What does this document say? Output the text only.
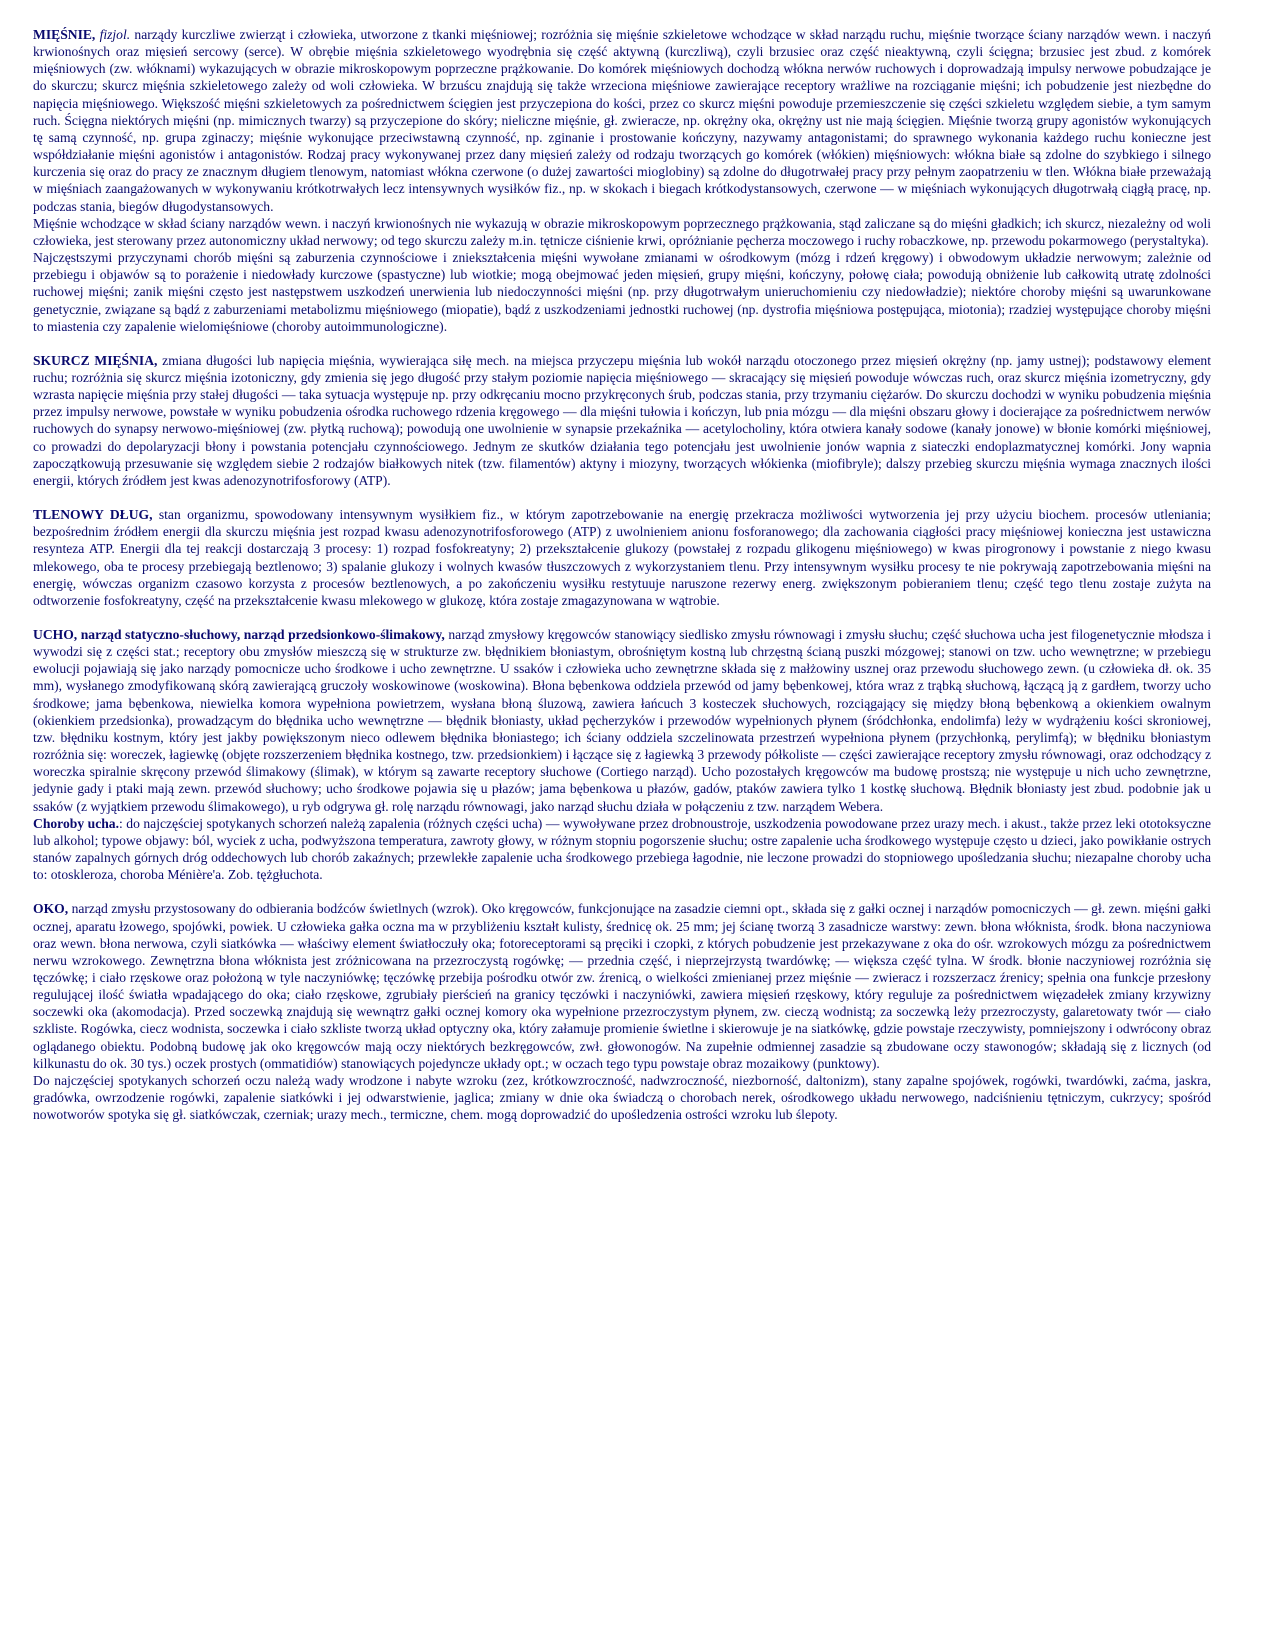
MIĘŚNIE, fizjol. narządy kurczliwe zwierząt i człowieka, utworzone z tkanki mięśniowej; rozróżnia się mięśnie szkieletowe wchodzące w skład narządu ruchu, mięśnie tworzące ściany narządów wewn. i naczyń krwionośnych oraz mięsień sercowy (serce). W obrębie mięśnia szkieletowego wyodrębnia się część aktywną (kurczliwą), czyli brzusiec oraz część nieaktywną, czyli ścięgna; brzusiec jest zbud. z komórek mięśniowych (zw. włóknami) wykazujących w obrazie mikroskopowym poprzeczne prążkowanie. Do komórek mięśniowych dochodzą włókna nerwów ruchowych i doprowadzają impulsy nerwowe pobudzające je do skurczu; skurcz mięśnia szkieletowego zależy od woli człowieka. W brzuścu znajdują się także wrzeciona mięśniowe zawierające receptory wrażliwe na rozciąganie mięśni; ich pobudzenie jest niezbędne do napięcia mięśniowego. Większość mięśni szkieletowych za pośrednictwem ścięgien jest przyczepiona do kości, przez co skurcz mięśni powoduje przemieszczenie się części szkieletu względem siebie, a tym samym ruch. Ścięgna niektórych mięśni (np. mimicznych twarzy) są przyczepione do skóry; nieliczne mięśnie, gł. zwieracze, np. okrężny oka, okrężny ust nie mają ścięgien. Mięśnie tworzą grupy agonistów wykonujących tę samą czynność, np. grupa zginaczy; mięśnie wykonujące przeciwstawną czynność, np. zginanie i prostowanie kończyny, nazywamy antagonistami; do sprawnego wykonania każdego ruchu konieczne jest współdziałanie mięśni agonistów i antagonistów. Rodzaj pracy wykonywanej przez dany mięsień zależy od rodzaju tworzących go komórek (włókien) mięśniowych: włókna białe są zdolne do szybkiego i silnego kurczenia się oraz do pracy ze znacznym długiem tlenowym, natomiast włókna czerwone (o dużej zawartości mioglobiny) są zdolne do długotrwałej pracy przy pełnym zaopatrzeniu w tlen. Włókna białe przeważają w mięśniach zaangażowanych w wykonywaniu krótkotrwałych lecz intensywnych wysiłków fiz., np. w skokach i biegach krótkodystansowych, czerwone — w mięśniach wykonujących długotrwałą ciągłą pracę, np. podczas stania, biegów długodystansowych.

Mięśnie wchodzące w skład ściany narządów wewn. i naczyń krwionośnych nie wykazują w obrazie mikroskopowym poprzecznego prążkowania, stąd zaliczane są do mięśni gładkich; ich skurcz, niezależny od woli człowieka, jest sterowany przez autonomiczny układ nerwowy; od tego skurczu zależy m.in. tętnicze ciśnienie krwi, opróżnianie pęcherza moczowego i ruchy robaczkowe, np. przewodu pokarmowego (perystaltyka).

Najczęstszymi przyczynami chorób mięśni są zaburzenia czynnościowe i zniekształcenia mięśni wywołane zmianami w ośrodkowym (mózg i rdzeń kręgowy) i obwodowym układzie nerwowym; zależnie od przebiegu i objawów są to porażenie i niedowłady kurczowe (spastyczne) lub wiotkie; mogą obejmować jeden mięsień, grupy mięśni, kończyny, połowę ciała; powodują obniżenie lub całkowitą utratę zdolności ruchowej mięśni; zanik mięśni często jest następstwem uszkodzeń unerwienia lub niedoczynności mięśni (np. przy długotrwałym unieruchomieniu czy niedowładzie); niektóre choroby mięśni są uwarunkowane genetycznie, związane są bądź z zaburzeniami metabolizmu mięśniowego (miopatie), bądź z uszkodzeniami jednostki ruchowej (np. dystrofia mięśniowa postępująca, miotonia); rzadziej występujące choroby mięśni to miastenia czy zapalenie wielomięśniowe (choroby autoimmunologiczne).

SKURCZ MIĘŚNIA, zmiana długości lub napięcia mięśnia, wywierająca siłę mech. na miejsca przyczepu mięśnia lub wokół narządu otoczonego przez mięsień okrężny (np. jamy ustnej); podstawowy element ruchu; rozróżnia się skurcz mięśnia izotoniczny, gdy zmienia się jego długość przy stałym poziomie napięcia mięśniowego — skracający się mięsień powoduje wówczas ruch, oraz skurcz mięśnia izometryczny, gdy wzrasta napięcie mięśnia przy stałej długości — taka sytuacja występuje np. przy odkręcaniu mocno przykręconych śrub, podczas stania, przy trzymaniu ciężarów. Do skurczu dochodzi w wyniku pobudzenia mięśnia przez impulsy nerwowe, powstałe w wyniku pobudzenia ośrodka ruchowego rdzenia kręgowego — dla mięśni tułowia i kończyn, lub pnia mózgu — dla mięśni obszaru głowy i docierające za pośrednictwem nerwów ruchowych do synapsy nerwowo-mięśniowej (zw. płytką ruchową); powodują one uwolnienie w synapsie przekaźnika — acetylocholiny, która otwiera kanały sodowe (kanały jonowe) w błonie komórki mięśniowej, co prowadzi do depolaryzacji błony i powstania potencjału czynnościowego. Jednym ze skutków działania tego potencjału jest uwolnienie jonów wapnia z siateczki endoplazmatycznej komórki. Jony wapnia zapoczątkowują przesuwanie się względem siebie 2 rodzajów białkowych nitek (tzw. filamentów) aktyny i miozyny, tworzących włókienka (miofibryle); dalszy przebieg skurczu mięśnia wymaga znacznych ilości energii, których źródłem jest kwas adenozynotrifosforowy (ATP).

TLENOWY DŁUG, stan organizmu, spowodowany intensywnym wysiłkiem fiz., w którym zapotrzebowanie na energię przekracza możliwości wytworzenia jej przy użyciu biochem. procesów utleniania; bezpośrednim źródłem energii dla skurczu mięśnia jest rozpad kwasu adenozynotrifosforowego (ATP) z uwolnieniem anionu fosforanowego; dla zachowania ciągłości pracy mięśniowej konieczna jest ustawiczna resynteza ATP. Energii dla tej reakcji dostarczają 3 procesy: 1) rozpad fosfokreatyny; 2) przekształcenie glukozy (powstałej z rozpadu glikogenu mięśniowego) w kwas pirogronowy i powstanie z niego kwasu mlekowego, oba te procesy przebiegają beztlenowo; 3) spalanie glukozy i wolnych kwasów tłuszczowych z wykorzystaniem tlenu. Przy intensywnym wysiłku procesy te nie pokrywają zapotrzebowania mięśni na energię, wówczas organizm czasowo korzysta z procesów beztlenowych, a po zakończeniu wysiłku restytuuje naruszone rezerwy energ. zwiększonym pobieraniem tlenu; część tego tlenu zostaje zużyta na odtworzenie fosfokreatyny, część na przekształcenie kwasu mlekowego w glukozę, która zostaje zmagazynowana w wątrobie.

UCHO, narząd statyczno-słuchowy, narząd przedsionkowo-ślimakowy, narząd zmysłowy kręgowców stanowiący siedlisko zmysłu równowagi i zmysłu słuchu; część słuchowa ucha jest filogenetycznie młodsza i wywodzi się z części stat.; receptory obu zmysłów mieszczą się w strukturze zw. błędnikiem błoniastym, obrośniętym kostną lub chrzęstną ścianą puszki mózgowej; stanowi on tzw. ucho wewnętrzne; w przebiegu ewolucji pojawiają się jako narządy pomocnicze ucho środkowe i ucho zewnętrzne. U ssaków i człowieka ucho zewnętrzne składa się z małżowiny usznej oraz przewodu słuchowego zewn. (u człowieka dł. ok. 35 mm), wysłanego zmodyfikowaną skórą zawierającą gruczoły woskowinowe (woskowina). Błona bębenkowa oddziela przewód od jamy bębenkowej, która wraz z trąbką słuchową, łączącą ją z gardłem, tworzy ucho środkowe; jama bębenkowa, niewielka komora wypełniona powietrzem, wysłana błoną śluzową, zawiera łańcuch 3 kosteczek słuchowych, rozciągający się między błoną bębenkową a okienkiem owalnym (okienkiem przedsionka), prowadzącym do błędnika ucho wewnętrzne — błędnik błoniasty, układ pęcherzyków i przewodów wypełnionych płynem (śródchłonka, endolimfa) leży w wydrążeniu kości skroniowej, tzw. błędniku kostnym, który jest jakby powiększonym nieco odlewem błędnika błoniastego; ich ściany oddziela szczelinowata przestrzeń wypełniona płynem (przychłonką, perylimfą); w błędniku błoniastym rozróżnia się: woreczek, łagiewkę (objęte rozszerzeniem błędnika kostnego, tzw. przedsionkiem) i łączące się z łagiewką 3 przewody półkoliste — części zawierające receptory zmysłu równowagi, oraz odchodzący z woreczka spiralnie skręcony przewód ślimakowy (ślimak), w którym są zawarte receptory słuchowe (Cortiego narząd). Ucho pozostałych kręgowców ma budowę prostszą; nie występuje u nich ucho zewnętrzne, jedynie gady i ptaki mają zewn. przewód słuchowy; ucho środkowe pojawia się u płazów; jama bębenkowa u płazów, gadów, ptaków zawiera tylko 1 kostkę słuchową. Błędnik błoniasty jest zbud. podobnie jak u ssaków (z wyjątkiem przewodu ślimakowego), u ryb odgrywa gł. rolę narządu równowagi, jako narząd słuchu działa w połączeniu z tzw. narządem Webera.

Choroby ucha.: do najczęściej spotykanych schorzeń należą zapalenia (różnych części ucha) — wywoływane przez drobnoustroje, uszkodzenia powodowane przez urazy mech. i akust., także przez leki ototoksyczne lub alkohol; typowe objawy: ból, wyciek z ucha, podwyższona temperatura, zawroty głowy, w różnym stopniu pogorszenie słuchu; ostre zapalenie ucha środkowego występuje często u dzieci, jako powikłanie ostrych stanów zapalnych górnych dróg oddechowych lub chorób zakaźnych; przewlekłe zapalenie ucha środkowego przebiega łagodnie, nie leczone prowadzi do stopniowego upośledzania słuchu; niezapalne choroby ucha to: otoskleroza, choroba Ménière'a. Zob. tężgłuchota.

OKO, narząd zmysłu przystosowany do odbierania bodźców świetlnych (wzrok). Oko kręgowców, funkcjonujące na zasadzie ciemni opt., składa się z gałki ocznej i narządów pomocniczych — gł. zewn. mięśni gałki ocznej, aparatu łzowego, spojówki, powiek. U człowieka gałka oczna ma w przybliżeniu kształt kulisty, średnicę ok. 25 mm; jej ścianę tworzą 3 zasadnicze warstwy: zewn. błona włóknista, środk. błona naczyniowa oraz wewn. błona nerwowa, czyli siatkówka — właściwy element światłoczuły oka; fotoreceptorami są pręciki i czopki, z których pobudzenie jest przekazywane z oka do ośr. wzrokowych mózgu za pośrednictwem nerwu wzrokowego. Zewnętrzna błona włóknista jest zróżnicowana na przezroczystą rogówkę; — przednia część, i nieprzejrzystą twardówkę; — większa część tylna. W środk. błonie naczyniowej rozróżnia się tęczówkę; i ciało rzęskowe oraz położoną w tyle naczyniówkę; tęczówkę przebija pośrodku otwór zw. źrenicą, o wielkości zmienianej przez mięśnie — zwieracz i rozszerzacz źrenicy; spełnia ona funkcje przesłony regulującej ilość światła wpadającego do oka; ciało rzęskowe, zgrubiały pierścień na granicy tęczówki i naczyniówki, zawiera mięsień rzęskowy, który reguluje za pośrednictwem więzadełek zmiany krzywizny soczewki oka (akomodacja). Przed soczewką znajdują się wewnątrz gałki ocznej komory oka wypełnione przezroczystym płynem, zw. cieczą wodnistą; za soczewką leży przezroczysty, galaretowaty twór — ciało szkliste. Rogówka, ciecz wodnista, soczewka i ciało szkliste tworzą układ optyczny oka, który załamuje promienie świetlne i skierowuje je na siatkówkę, gdzie powstaje rzeczywisty, pomniejszony i odwrócony obraz oglądanego obiektu. Podobną budowę jak oko kręgowców mają oczy niektórych bezkręgowców, zwł. głowonogów. Na zupełnie odmiennej zasadzie są zbudowane oczy stawonogów; składają się z licznych (od kilkunastu do ok. 30 tys.) oczek prostych (ommatidiów) stanowiących pojedyncze układy opt.; w oczach tego typu powstaje obraz mozaikowy (punktowy).

Do najczęściej spotykanych schorzeń oczu należą wady wrodzone i nabyte wzroku (zez, krótkowzroczność, nadwzroczność, niezborność, daltonizm), stany zapalne spojówek, rogówki, twardówki, zaćma, jaskra, gradówka, owrzodzenie rogówki, zapalenie siatkówki i jej odwarstwienie, jaglica; zmiany w dnie oka świadczą o chorobach nerek, ośrodkowego układu nerwowego, nadciśnieniu tętniczym, cukrzycy; spośród nowotworów spotyka się gł. siatkówczak, czerniak; urazy mech., termiczne, chem. mogą doprowadzić do upośledzenia ostrości wzroku lub ślepoty.
